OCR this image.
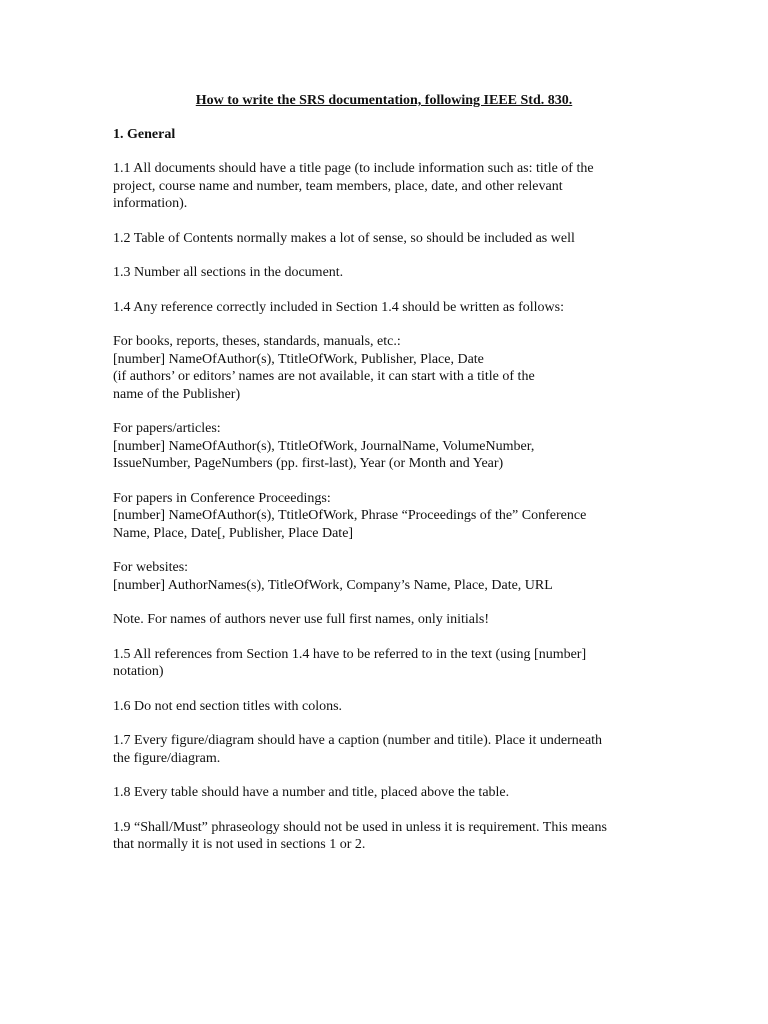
How to write the SRS documentation, following IEEE Std. 830.
1. General

1.1 All documents should have a title page (to include information such as: title of the
project, course name and number, team members, place, date, and other relevant
information).

1.2 Table of Contents normally makes a lot of sense, so should be included as well

1.3 Number all sections in the document.

1.4 Any reference correctly included in Section 1.4 should be written as follows:

For books, reports, theses, standards, manuals, etc.:
[number] NameOfAuthor(s), TtitleOfWork, Publisher, Place, Date
(if authors’ or editors’ names are not available, it can start with a title of the
name of the Publisher)

For papers/articles:
[number] NameOfAuthor(s), TtitleOfWork, JournalName, VolumeNumber,
IssueNumber, PageNumbers (pp. first-last), Year (or Month and Year)

For papers in Conference Proceedings:
[number] NameOfAuthor(s), TtitleOfWork, Phrase “Proceedings of the” Conference
Name, Place, Date[, Publisher, Place Date]

For websites:
[number] AuthorNames(s), TitleOfWork, Company’s Name, Place, Date, URL

Note. For names of authors never use full first names, only initials!

1.5 All references from Section 1.4 have to be referred to in the text (using [number]
notation)

1.6 Do not end section titles with colons.

1.7 Every figure/diagram should have a caption (number and titile). Place it underneath
the figure/diagram.

1.8 Every table should have a number and title, placed above the table.

1.9 “Shall/Must” phraseology should not be used in unless it is requirement. This means
that normally it is not used in sections 1 or 2.
